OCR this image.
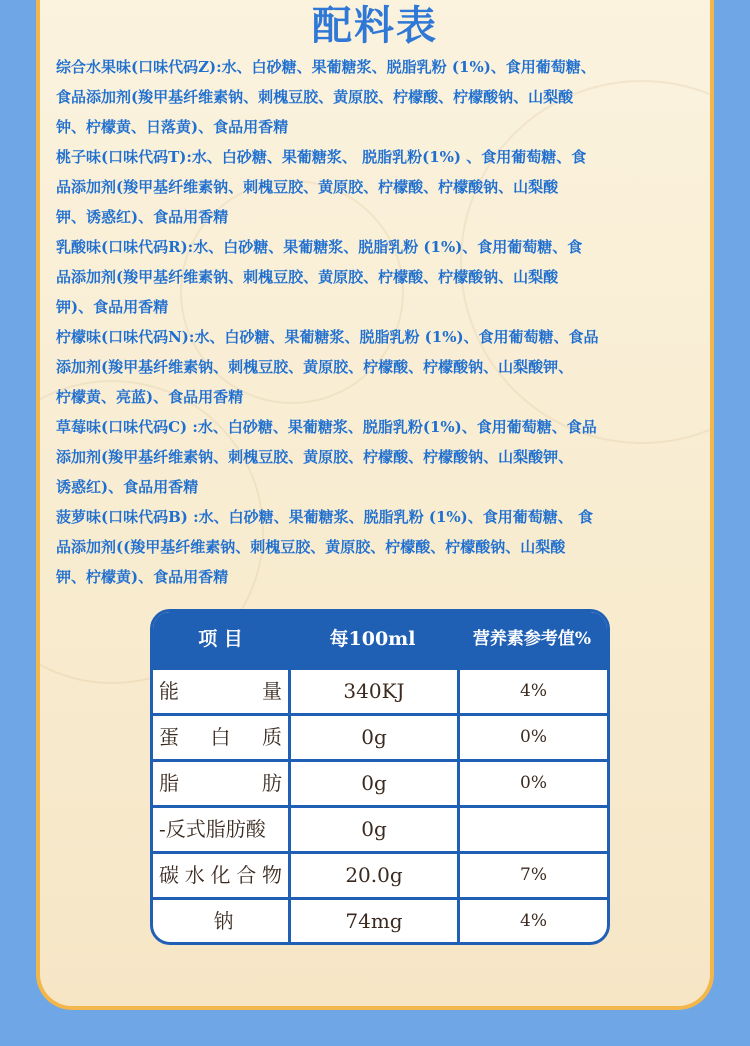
配料表
综合水果味(口味代码Z):水、白砂糖、果葡糖浆、脱脂乳粉 (1%)、食用葡萄糖、
食品添加剂(羧甲基纤维素钠、刺槐豆胶、黄原胶、柠檬酸、柠檬酸钠、山梨酸
钟、柠檬黄、日落黄)、食品用香精
桃子味(口味代码T):水、白砂糖、果葡糖浆、 脱脂乳粉(1%) 、食用葡萄糖、食
品添加剂(羧甲基纤维素钠、刺槐豆胶、黄原胶、柠檬酸、柠檬酸钠、山梨酸
钾、诱惑红)、食品用香精
乳酸味(口味代码R):水、白砂糖、果葡糖浆、脱脂乳粉 (1%)、食用葡萄糖、食
品添加剂(羧甲基纤维素钠、刺槐豆胶、黄原胶、柠檬酸、柠檬酸钠、山梨酸
钾)、食品用香精
柠檬味(口味代码N):水、白砂糖、果葡糖浆、脱脂乳粉 (1%)、食用葡萄糖、食品
添加剂(羧甲基纤维素钠、刺槐豆胶、黄原胶、柠檬酸、柠檬酸钠、山梨酸钾、
柠檬黄、亮蓝)、食品用香精
草莓味(口味代码C) :水、白砂糖、果葡糖浆、脱脂乳粉(1%)、食用葡萄糖、食品
添加剂(羧甲基纤维素钠、刺槐豆胶、黄原胶、柠檬酸、柠檬酸钠、山梨酸钾、
诱惑红)、食品用香精
菠萝味(口味代码B) :水、白砂糖、果葡糖浆、脱脂乳粉 (1%)、食用葡萄糖、 食
品添加剂((羧甲基纤维素钠、刺槐豆胶、黄原胶、柠檬酸、柠檬酸钠、山梨酸
钾、柠檬黄)、食品用香精
项 目	每100ml	营养素参考值%
能量	340KJ	4%
蛋白质	0g	0%
脂肪	0g	0%
-反式脂肪酸	0g
碳水化合物	20.0g	7%
钠	74mg	4%
